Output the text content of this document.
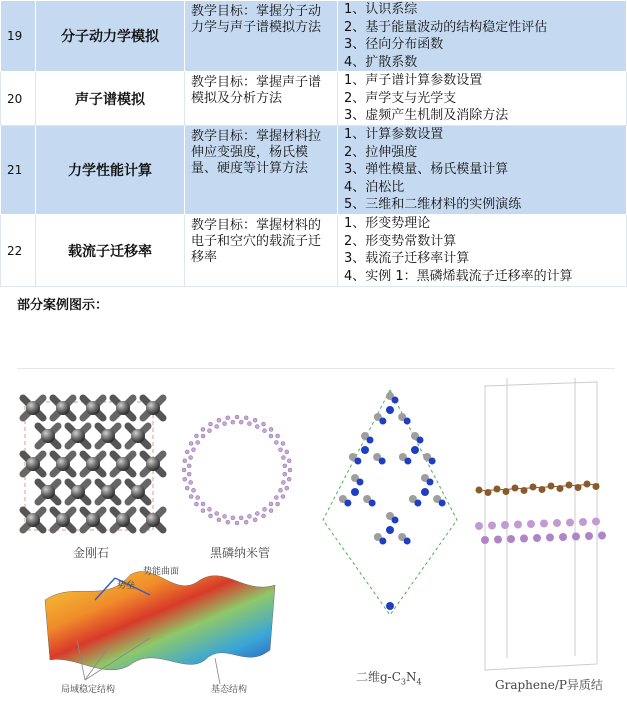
19	分子动力学模拟	教学目标：掌握分子动力学与声子谱模拟方法	1、认识系综
2、基于能量波动的结构稳定性评估
3、径向分布函数
4、扩散系数

20	声子谱模拟	教学目标：掌握声子谱模拟及分析方法	1、声子谱计算参数设置
2、声学支与光学支
3、虚频产生机制及消除方法

21	力学性能计算	教学目标：掌握材料拉伸应变强度，杨氏模量、硬度等计算方法	1、计算参数设置
2、拉伸强度
3、弹性模量、杨氏模量计算
4、泊松比
5、三维和二维材料的实例演练

22	载流子迁移率	教学目标：掌握材料的电子和空穴的载流子迁移率	1、形变势理论
2、形变势常数计算
3、载流子迁移率计算
4、实例 1：黑磷烯载流子迁移率的计算
部分案例图示：
金刚石	黑磷纳米管
二维$g-C_3N_4$	Graphene/P异质结
势能曲面
势垒
局域稳定结构	基态结构
